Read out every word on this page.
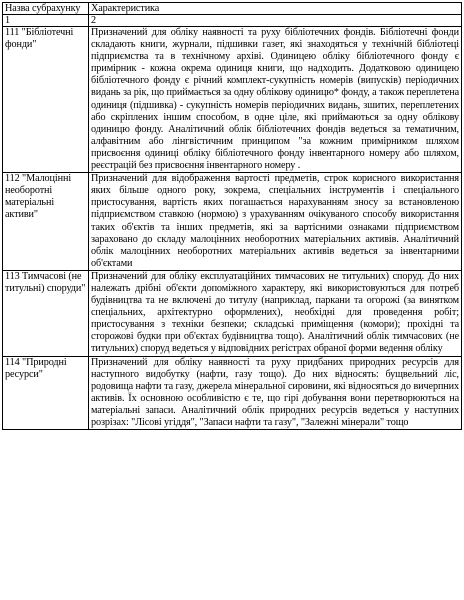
Назва субрахунку	Характеристика
1	2
111 "Бібліотечні фонди"	Призначений для обліку наявності та руху бібліотечних фондів. Бібліотечні фонди складають книги, журнали, підшивки газет, які знаходяться у технічній бібліотеці підприємства та в технічному архіві. Одиницею обліку бібліотечного фонду є примірник - кожна окрема одиниця книги, що надходить. Додатковою одиницею бібліотечного фонду є річний комплект-сукупність номерів (випусків) періодичних видань за рік, що приймається за одну облікову одиницю* фонду, а також переплетена одиниця (підшивка) - сукупність номерів періодичних видань, зшитих, переплетених або скріплених іншим способом, в одне ціле, які приймаються за одну облікову одиницю фонду. Аналітичний облік бібліотечних фондів ведеться за тематичним, алфавітним або лінгвістичним принципом "за кожним примірником шляхом присвоєння одиниці обліку бібліотечного фонду інвентарного номеру або шляхом, реєстрацій без присвоєння інвентарного номеру .
112 "Малоцінні необоротні матеріальні активи"	Призначений для відображення вартості предметів, строк корисного використання яких більше одного року, зокрема, спеціальних інструментів і спеціального пристосування, вартість яких погашається нарахуванням зносу за встановленою підприємством ставкою (нормою) з урахуванням очікуваного способу використання таких об'єктів та інших предметів, які за вартісними ознаками підприємством зараховано до складу малоцінних необоротних матеріальних активів. Аналітичний облік малоцінних необоротних матеріальних активів ведеться за інвентарними об'єктами
113 Тимчасові (не титульні) споруди"	Призначений для обліку експлуатаційних тимчасових не титульних) споруд. До них належать дрібні об'єкти допоміжного характеру, які використовуються для потреб будівництва та не включені до титулу (наприклад, паркани та огорожі (за винятком спеціальних, архітектурно оформлених), необхідні для проведення робіт; пристосування з техніки безпеки; складські приміщення (комори); прохідні та сторожові будки при об'єктах будівництва тощо). Аналітичний облік тимчасових (не титульних) споруд ведеться у відповідних регістрах обраної форми ведення обліку
114 "Природні ресурси"	Призначений для обліку наявності та руху придбаних природних ресурсів для наступного видобутку (нафти, газу тощо). До них відносять: бущвельний ліс, родовища нафти та газу, джерела мінеральної сировини, які відносяться до вичерпних активів. Їх основною особливістю є те, що гірі добування вони перетворюються на матеріальні запаси. Аналітичний облік природних ресурсів ведеться у наступних розрізах: "Лісові угіддя", "Запаси нафти та газу", "Залежні мінерали" тощо
